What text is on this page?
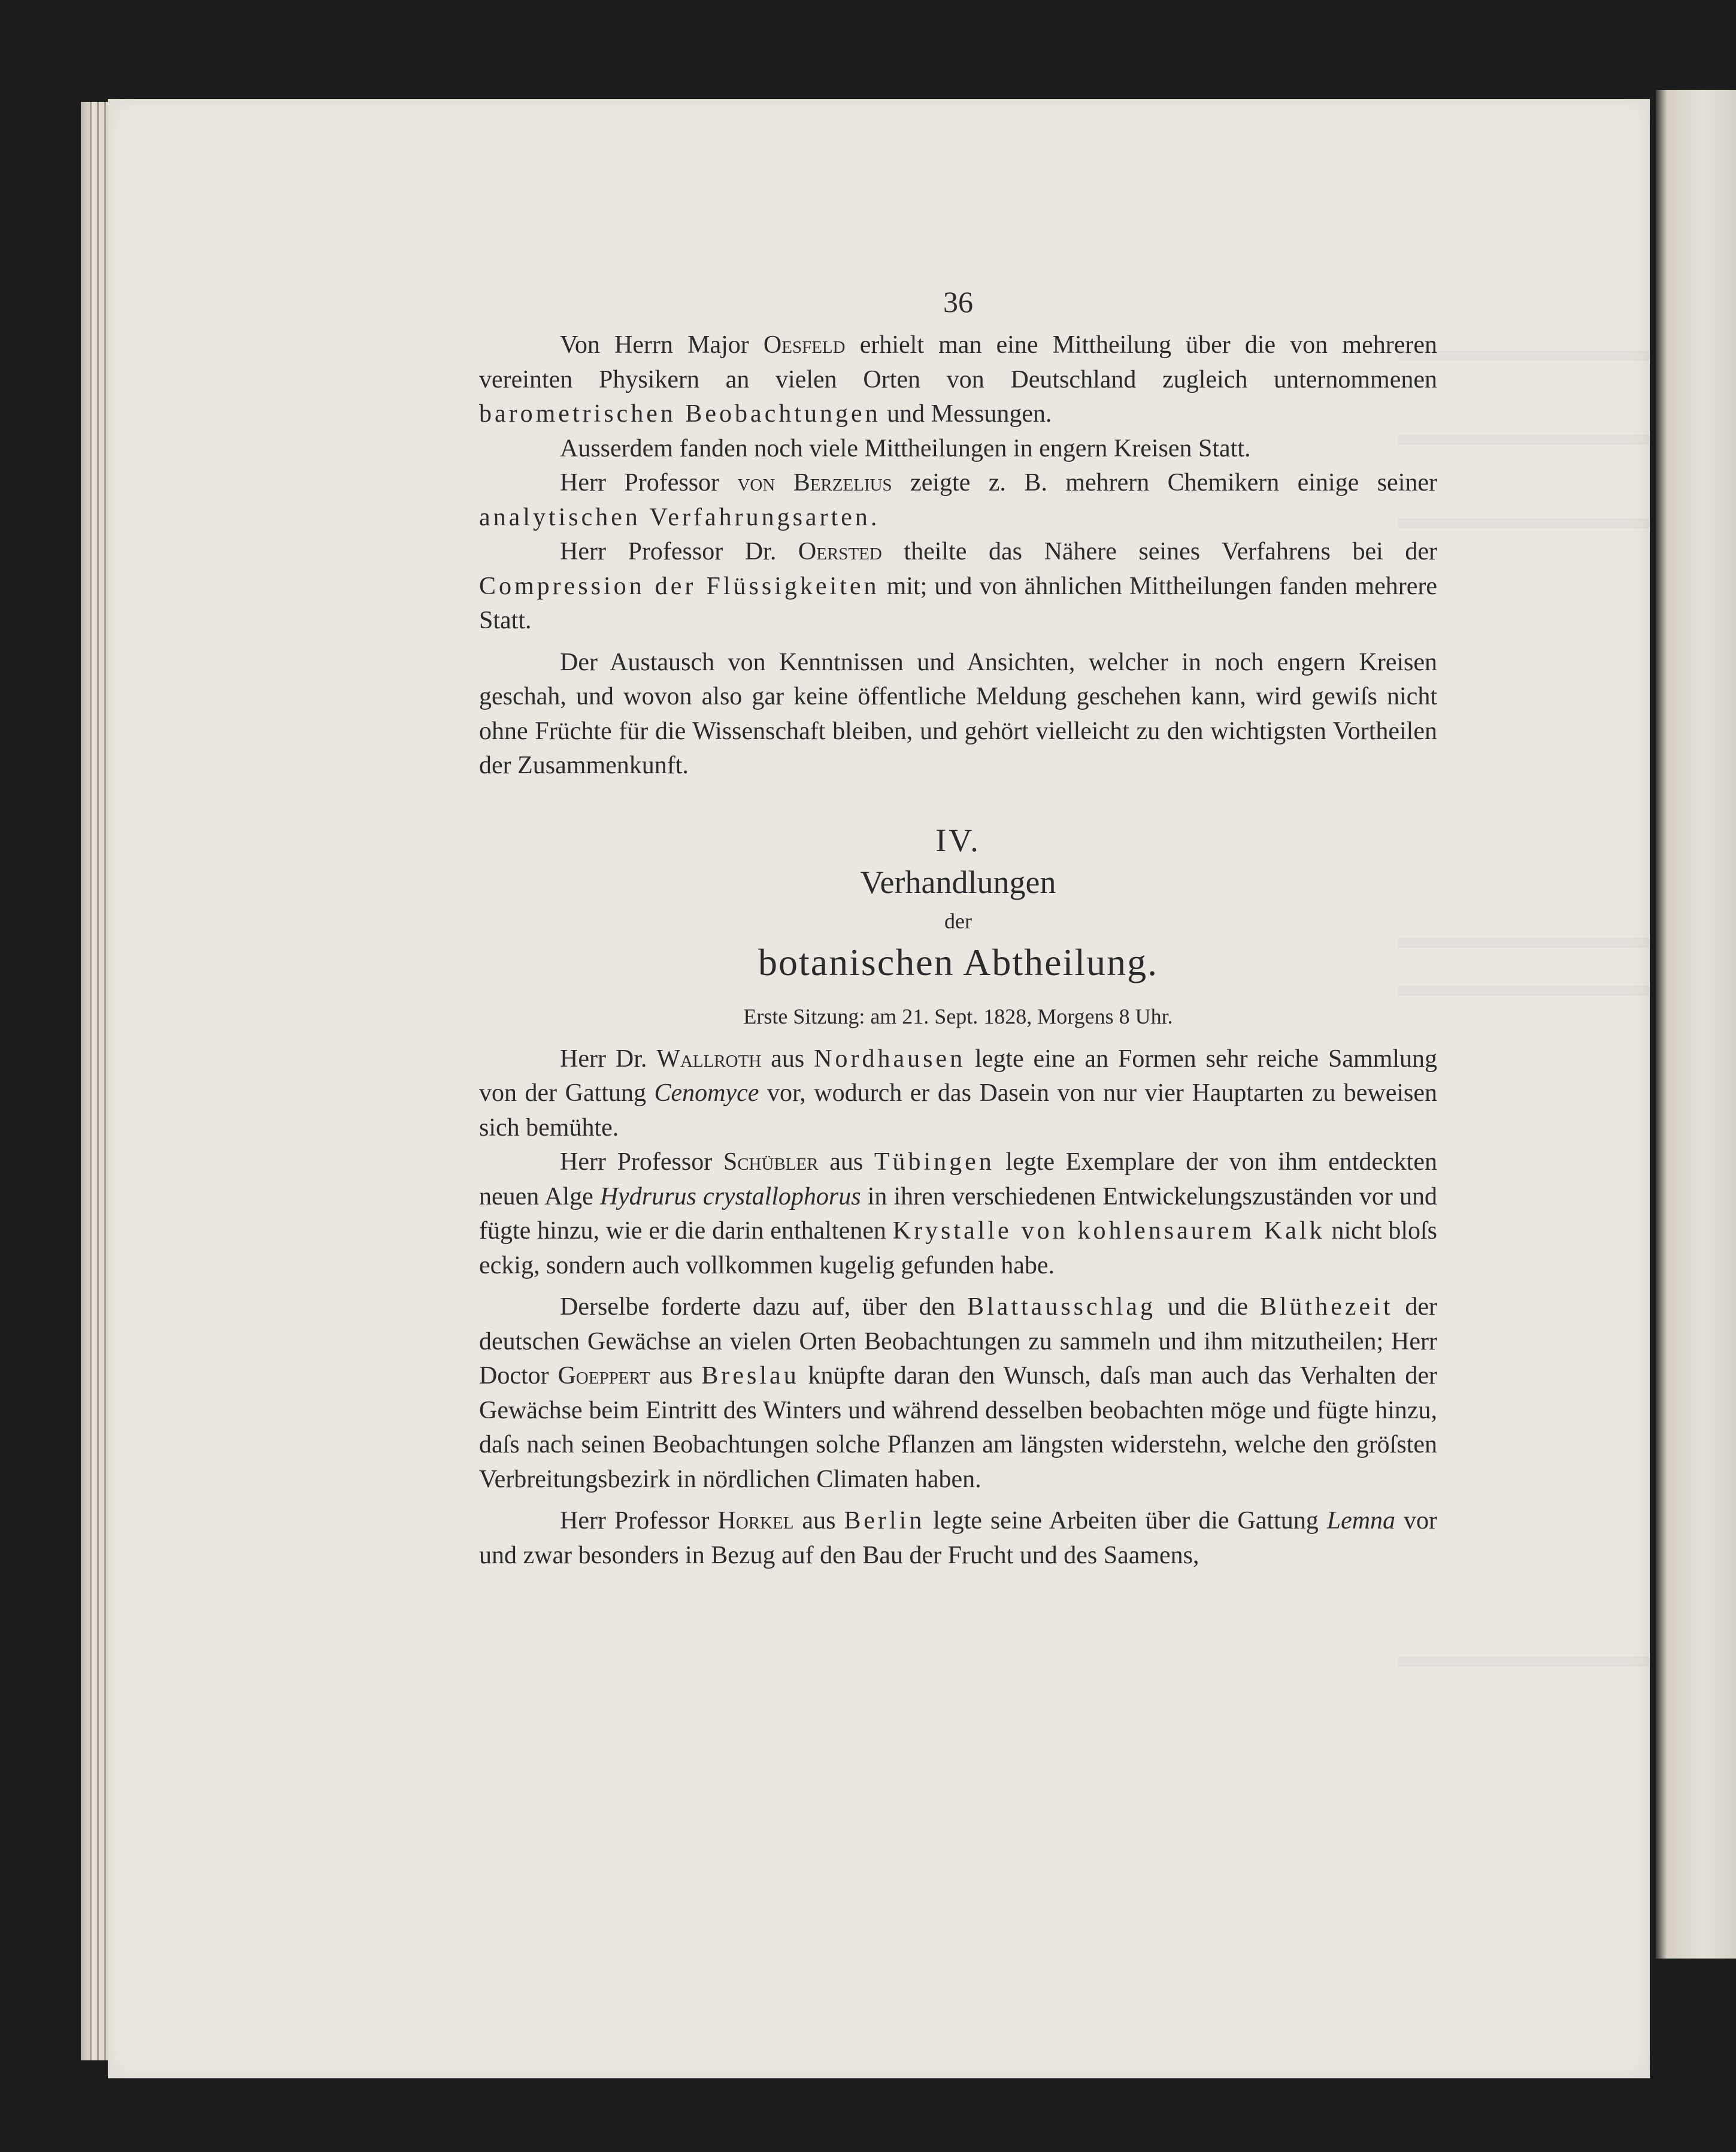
36

Von Herrn Major Oesfeld erhielt man eine Mittheilung über die von mehreren vereinten Physikern an vielen Orten von Deutschland zugleich unternommenen barometrischen Beobachtungen und Messungen.

Ausserdem fanden noch viele Mittheilungen in engern Kreisen Statt.

Herr Professor von Berzelius zeigte z. B. mehrern Chemikern einige seiner analytischen Verfahrungsarten.

Herr Professor Dr. Oersted theilte das Nähere seines Verfahrens bei der Compression der Flüssigkeiten mit; und von ähnlichen Mittheilungen fanden mehrere Statt.

Der Austausch von Kenntnissen und Ansichten, welcher in noch engern Kreisen geschah, und wovon also gar keine öffentliche Meldung geschehen kann, wird gewiſs nicht ohne Früchte für die Wissenschaft bleiben, und gehört vielleicht zu den wichtigsten Vortheilen der Zusammenkunft.

IV.
Verhandlungen
der
botanischen Abtheilung.
Erste Sitzung: am 21. Sept. 1828, Morgens 8 Uhr.

Herr Dr. Wallroth aus Nordhausen legte eine an Formen sehr reiche Sammlung von der Gattung Cenomyce vor, wodurch er das Dasein von nur vier Hauptarten zu beweisen sich bemühte.

Herr Professor Schübler aus Tübingen legte Exemplare der von ihm entdeckten neuen Alge Hydrurus crystallophorus in ihren verschiedenen Entwickelungszuständen vor und fügte hinzu, wie er die darin enthaltenen Krystalle von kohlensaurem Kalk nicht bloſs eckig, sondern auch vollkommen kugelig gefunden habe.

Derselbe forderte dazu auf, über den Blattausschlag und die Blüthezeit der deutschen Gewächse an vielen Orten Beobachtungen zu sammeln und ihm mitzutheilen; Herr Doctor Goeppert aus Breslau knüpfte daran den Wunsch, daſs man auch das Verhalten der Gewächse beim Eintritt des Winters und während desselben beobachten möge und fügte hinzu, daſs nach seinen Beobachtungen solche Pflanzen am längsten widerstehn, welche den gröſsten Verbreitungsbezirk in nördlichen Climaten haben.

Herr Professor Horkel aus Berlin legte seine Arbeiten über die Gattung Lemna vor und zwar besonders in Bezug auf den Bau der Frucht und des Saamens,
